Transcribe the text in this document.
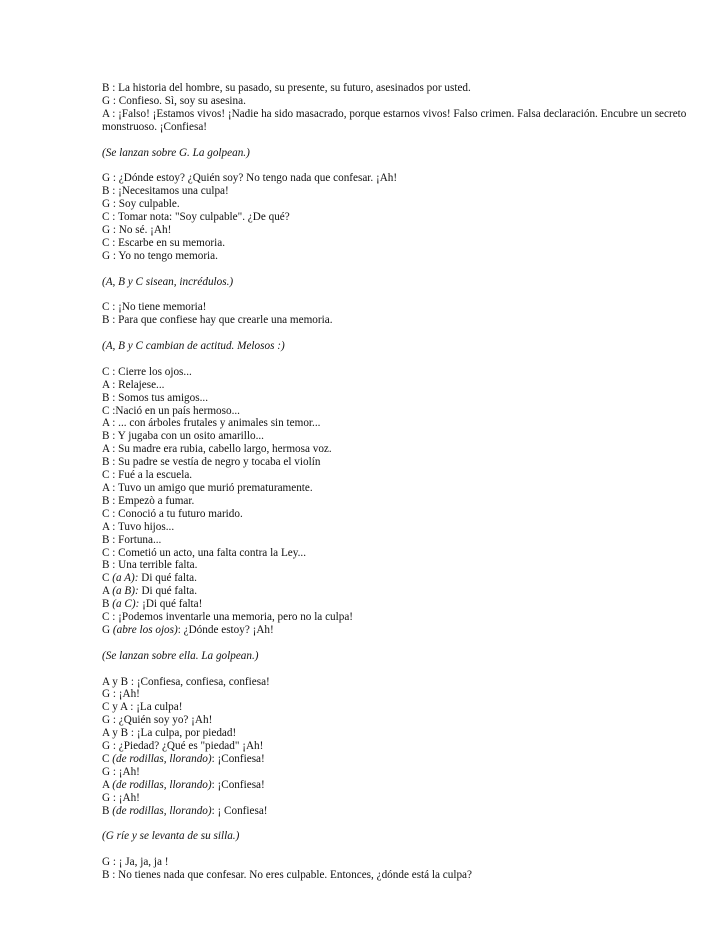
B : La historia del hombre, su pasado, su presente, su futuro, asesinados por usted.
G : Confieso. Sì, soy su asesina.
A : ¡Falso! ¡Estamos vivos! ¡Nadie ha sido masacrado, porque estarnos vivos! Falso crimen. Falsa declaración. Encubre un secreto monstruoso. ¡Confiesa!
(Se lanzan sobre G. La golpean.)
G : ¿Dónde estoy? ¿Quién soy? No tengo nada que confesar. ¡Ah!
B : ¡Necesitamos una culpa!
G : Soy culpable.
C : Tomar nota: "Soy culpable". ¿De qué?
G : No sé. ¡Ah!
C : Escarbe en su memoria.
G : Yo no tengo memoria.
(A, B y C sisean, incrédulos.)
C : ¡No tiene memoria!
B : Para que confiese hay que crearle una memoria.
(A, B y C cambian de actitud. Melosos :)
C : Cierre los ojos...
A : Relajese...
B : Somos tus amigos...
C :Nació en un país hermoso...
A : ... con árboles frutales y animales sin temor...
B : Y jugaba con un osito amarillo...
A : Su madre era rubia, cabello largo, hermosa voz.
B : Su padre se vestía de negro y tocaba el violín
C : Fué a la escuela.
A : Tuvo un amigo que murió prematuramente.
B : Empezò a fumar.
C : Conoció a tu futuro marido.
A : Tuvo hijos...
B : Fortuna...
C : Cometió un acto, una falta contra la Ley...
B : Una terrible falta.
C (a A): Di qué falta.
A (a B): Di qué falta.
B (a C): ¡Di qué falta!
C : ¡Podemos inventarle una memoria, pero no la culpa!
G (abre los ojos): ¿Dónde estoy? ¡Ah!
(Se lanzan sobre ella. La golpean.)
A y B : ¡Confiesa, confiesa, confiesa!
G : ¡Ah!
C y A : ¡La culpa!
G : ¿Quién soy yo? ¡Ah!
A y B : ¡La culpa, por piedad!
G : ¿Piedad? ¿Qué es "piedad" ¡Ah!
C (de rodillas, llorando): ¡Confiesa!
G : ¡Ah!
A (de rodillas, llorando): ¡Confiesa!
G : ¡Ah!
B (de rodillas, llorando): ¡ Confiesa!
(G ríe y se levanta de su silla.)
G : ¡ Ja, ja, ja !
B : No tienes nada que confesar. No eres culpable. Entonces, ¿dónde está la culpa?
